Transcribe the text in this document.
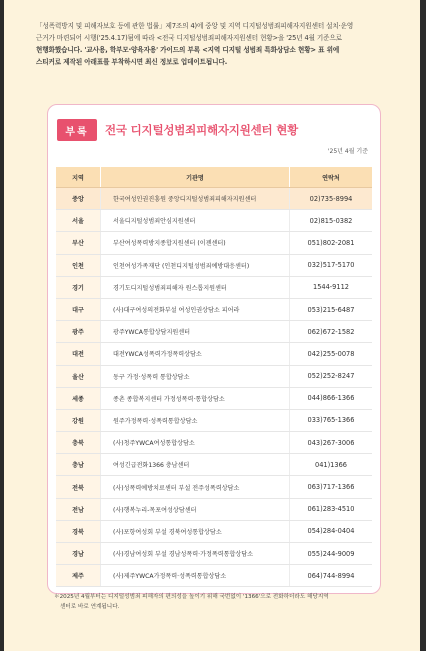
「성폭력방지 및 피해자보호 등에 관한 법률」제7조의 4)에 중앙 및 지역 디지털성범죄피해자지원센터 설치·운영
근거가 마련되어 시행('25.4.17)됨에 따라 <전국 디지털성범죄피해자지원센터 현황>을 '25년 4월 기준으로
현행화했습니다. '교사용, 학부모·양육자용' 가이드의 부록 <지역 디지털 성범죄 특화상담소 현황> 표 위에
스티커로 제작된 아래표를 부착하시면 최신 정보로 업데이트됩니다.
부록	전국 디지털성범죄피해자지원센터 현황
'25년 4월 기준
지역	기관명	연락처
중앙	한국여성인권진흥원 중앙디지털성범죄피해자지원센터	02)735-8994
서울	서울디지털성범죄안심지원센터	02)815-0382
부산	부산여성폭력방지종합지원센터 (이젠센터)	051)802-2081
인천	인천여성가족재단 (인천디지털성범죄예방대응센터)	032)517-5170
경기	경기도디지털성범죄피해자 원스톱지원센터	1544-9112
대구	(사)대구여성의전화부설 여성인권상담소 피어라	053)215-6487
광주	광주YWCA통합상담지원센터	062)672-1582
대전	대전YWCA성폭력가정폭력상담소	042)255-0078
울산	동구 가정·성폭력 통합상담소	052)252-8247
세종	종촌 종합복지센터 가정성폭력·통합상담소	044)866-1366
강원	원주가정폭력·성폭력통합상담소	033)765-1366
충북	(사)청주YWCA여성통합상담소	043)267-3006
충남	여성긴급전화1366 충남센터	041)1366
전북	(사)성폭력예방치료센터 부설 전주성폭력상담소	063)717-1366
전남	(사)행복누리-목포여성상담센터	061)283-4510
경북	(사)포항여성회 부설 경북여성통합상담소	054)284-0404
경남	(사)경남여성회 부설 경남성폭력·가정폭력통합상담소	055)244-9009
제주	(사)제주YWCA가정폭력·성폭력통합상담소	064)744-8994
＊2025년 4월부터는 디지털성범죄 피해자의 편의성을 높이기 위해 국번없이 '1366'으로 전화하더라도 해당지역
센터로 바로 연계됩니다.
